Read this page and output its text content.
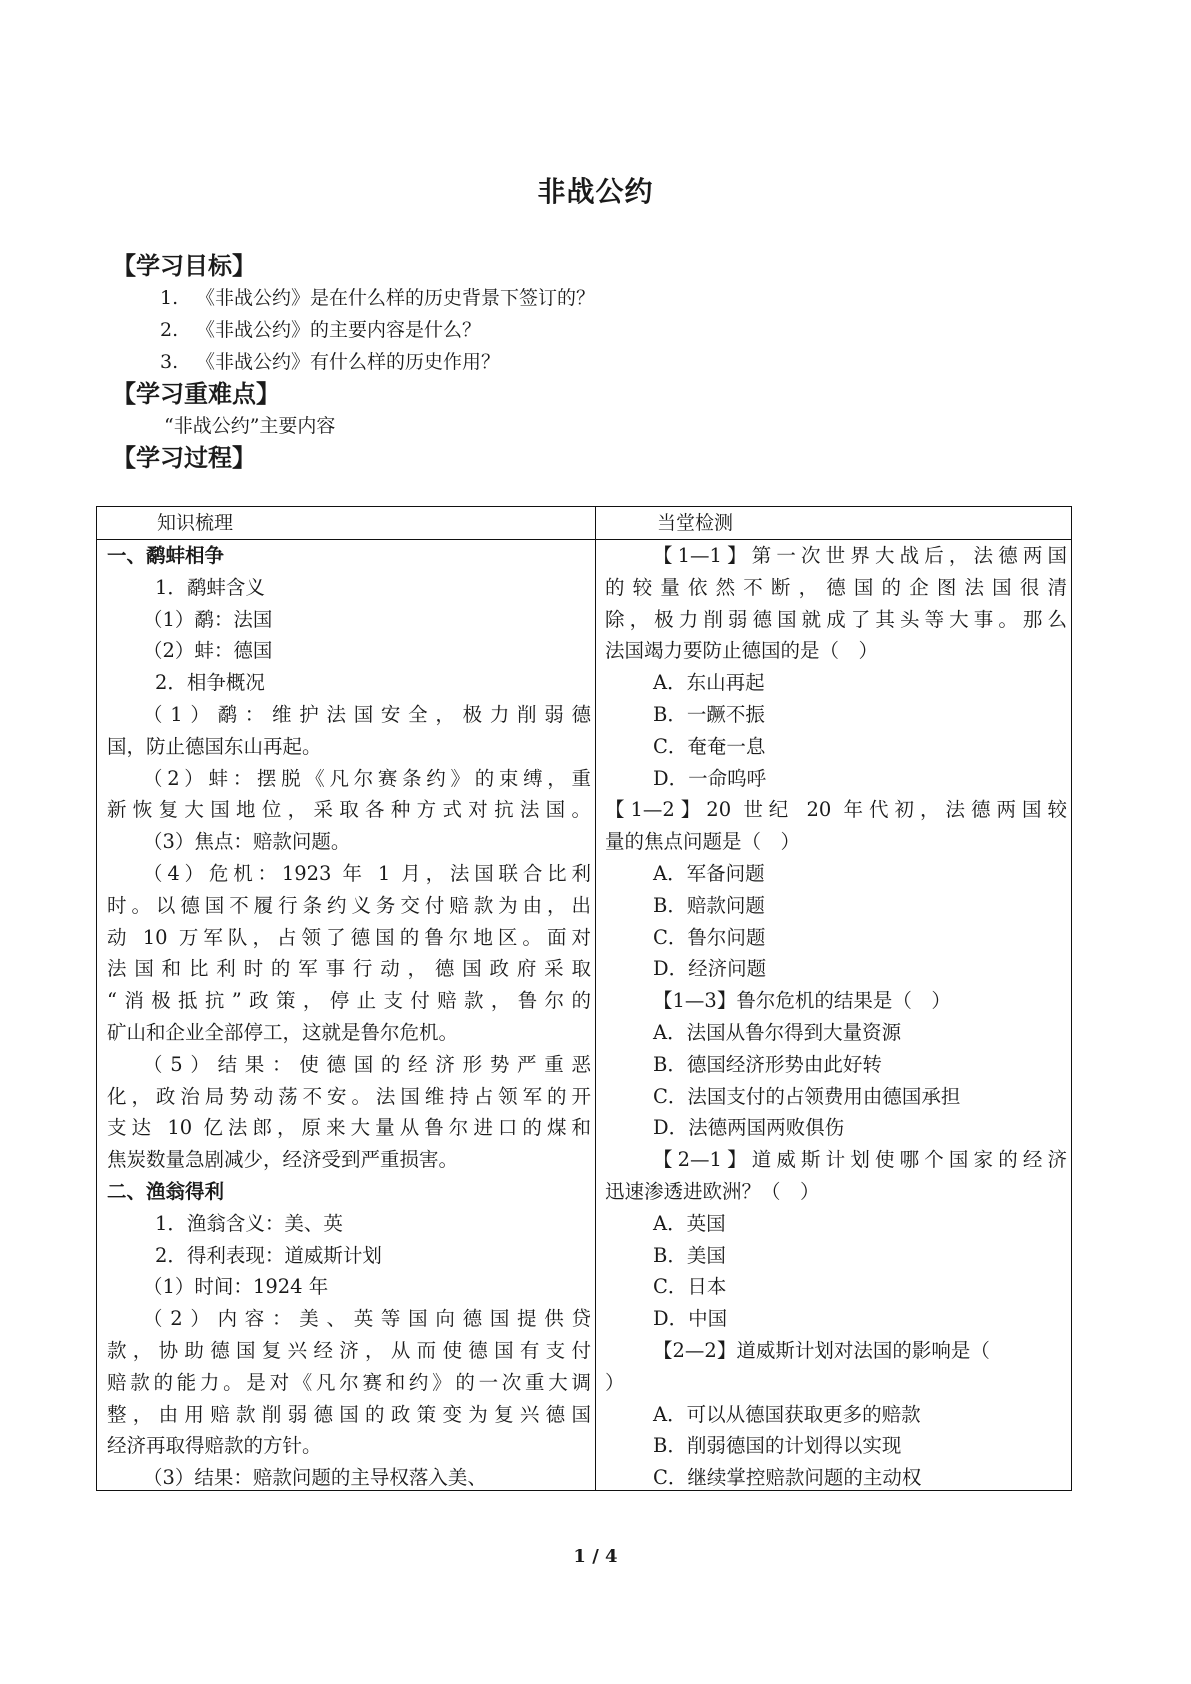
非战公约
【学习目标】
1. 《非战公约》是在什么样的历史背景下签订的？
2. 《非战公约》的主要内容是什么？
3. 《非战公约》有什么样的历史作用？
【学习重难点】
“非战公约”主要内容
【学习过程】
知识梳理	当堂检测
一、鹬蚌相争
1．鹬蚌含义
（1）鹬：法国
（2）蚌：德国
2．相争概况
（1）鹬：维护法国安全，极力削弱德
国，防止德国东山再起。
（2）蚌：摆脱《凡尔赛条约》的束缚，重
新恢复大国地位，采取各种方式对抗法国。
（3）焦点：赔款问题。
（4）危机：1923 年 1 月，法国联合比利
时。以德国不履行条约义务交付赔款为由，出
动 10 万军队，占领了德国的鲁尔地区。面对
法国和比利时的军事行动，德国政府采取
“消极抵抗”政策，停止支付赔款，鲁尔的
矿山和企业全部停工，这就是鲁尔危机。
（5）结果：使德国的经济形势严重恶
化，政治局势动荡不安。法国维持占领军的开
支达 10 亿法郎，原来大量从鲁尔进口的煤和
焦炭数量急剧减少，经济受到严重损害。
二、渔翁得利
1．渔翁含义：美、英
2．得利表现：道威斯计划
（1）时间：1924 年
（2）内容：美、英等国向德国提供贷
款，协助德国复兴经济，从而使德国有支付
赔款的能力。是对《凡尔赛和约》的一次重大调
整，由用赔款削弱德国的政策变为复兴德国
经济再取得赔款的方针。
（3）结果：赔款问题的主导权落入美、
【1—1】第一次世界大战后，法德两国
的较量依然不断，德国的企图法国很清
除，极力削弱德国就成了其头等大事。那么
法国竭力要防止德国的是（　）
A．东山再起
B．一蹶不振
C．奄奄一息
D．一命呜呼
【1—2】20 世纪 20 年代初，法德两国较
量的焦点问题是（　）
A．军备问题
B．赔款问题
C．鲁尔问题
D．经济问题
【1—3】鲁尔危机的结果是（　）
A．法国从鲁尔得到大量资源
B．德国经济形势由此好转
C．法国支付的占领费用由德国承担
D．法德两国两败俱伤
【2—1】道威斯计划使哪个国家的经济
迅速渗透进欧洲？（　）
A．英国
B．美国
C．日本
D．中国
【2—2】道威斯计划对法国的影响是（
）
A．可以从德国获取更多的赔款
B．削弱德国的计划得以实现
C．继续掌控赔款问题的主动权
1 / 4
